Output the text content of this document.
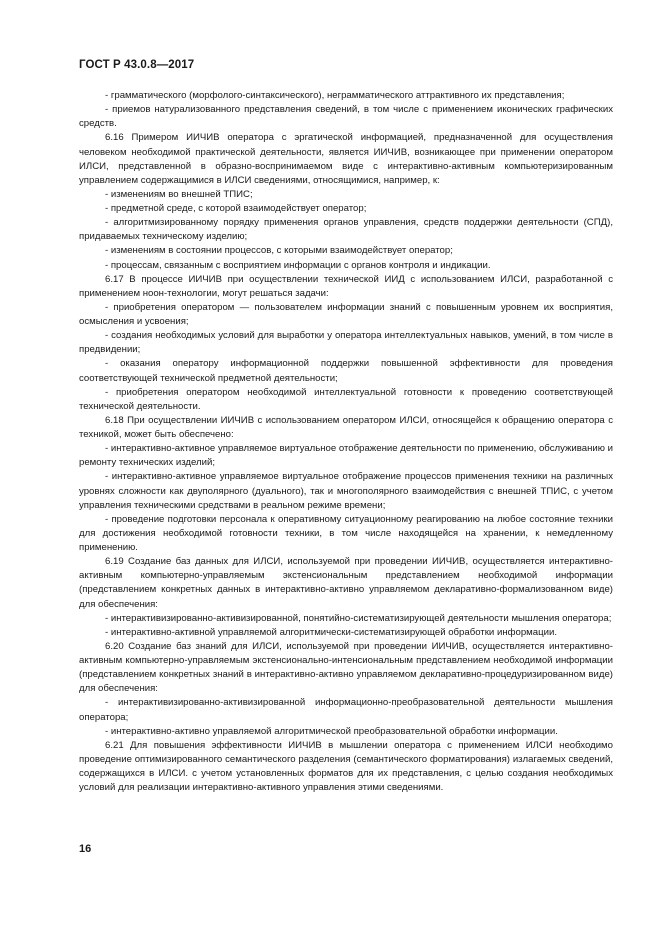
ГОСТ Р 43.0.8—2017

- грамматического (морфолого-синтаксического), неграмматического аттрактивного их представления;

- приемов натурализованного представления сведений, в том числе с применением иконических графических средств.

6.16 Примером ИИЧИВ оператора с эргатической информацией, предназначенной для осуществления человеком необходимой практической деятельности, является ИИЧИВ, возникающее при применении оператором ИЛСИ, представленной в образно-воспринимаемом виде с интерактивно-активным компьютеризированным управлением содержащимися в ИЛСИ сведениями, относящимися, например, к:

- изменениям во внешней ТПИС;

- предметной среде, с которой взаимодействует оператор;

- алгоритмизированному порядку применения органов управления, средств поддержки деятельности (СПД), придаваемых техническому изделию;

- изменениям в состоянии процессов, с которыми взаимодействует оператор;

- процессам, связанным с восприятием информации с органов контроля и индикации.

6.17 В процессе ИИЧИВ при осуществлении технической ИИД с использованием ИЛСИ, разработанной с применением ноон-технологии, могут решаться задачи:

- приобретения оператором — пользователем информации знаний с повышенным уровнем их восприятия, осмысления и усвоения;

- создания необходимых условий для выработки у оператора интеллектуальных навыков, умений, в том числе в предвидении;

- оказания оператору информационной поддержки повышенной эффективности для проведения соответствующей технической предметной деятельности;

- приобретения оператором необходимой интеллектуальной готовности к проведению соответствующей технической деятельности.

6.18 При осуществлении ИИЧИВ с использованием оператором ИЛСИ, относящейся к обращению оператора с техникой, может быть обеспечено:

- интерактивно-активное управляемое виртуальное отображение деятельности по применению, обслуживанию и ремонту технических изделий;

- интерактивно-активное управляемое виртуальное отображение процессов применения техники на различных уровнях сложности как двуполярного (дуального), так и многополярного взаимодействия с внешней ТПИС, с учетом управления техническими средствами в реальном режиме времени;

- проведение подготовки персонала к оперативному ситуационному реагированию на любое состояние техники для достижения необходимой готовности техники, в том числе находящейся на хранении, к немедленному применению.

6.19 Создание баз данных для ИЛСИ, используемой при проведении ИИЧИВ, осуществляется интерактивно-активным компьютерно-управляемым экстенсиональным представлением необходимой информации (представлением конкретных данных в интерактивно-активно управляемом декларативно-формализованном виде) для обеспечения:

- интерактивизированно-активизированной, понятийно-систематизирующей деятельности мышления оператора;

- интерактивно-активной управляемой алгоритмически-систематизирующей обработки информации.

6.20 Создание баз знаний для ИЛСИ, используемой при проведении ИИЧИВ, осуществляется интерактивно-активным компьютерно-управляемым экстенсионально-интенсиональным представлением необходимой информации (представлением конкретных знаний в интерактивно-активно управляемом декларативно-процедуризированном виде) для обеспечения:

- интерактивизированно-активизированной информационно-преобразовательной деятельности мышления оператора;

- интерактивно-активно управляемой алгоритмической преобразовательной обработки информации.

6.21 Для повышения эффективности ИИЧИВ в мышлении оператора с применением ИЛСИ необходимо проведение оптимизированного семантического разделения (семантического форматирования) излагаемых сведений, содержащихся в ИЛСИ. с учетом установленных форматов для их представления, с целью создания необходимых условий для реализации интерактивно-активного управления этими сведениями.

16
